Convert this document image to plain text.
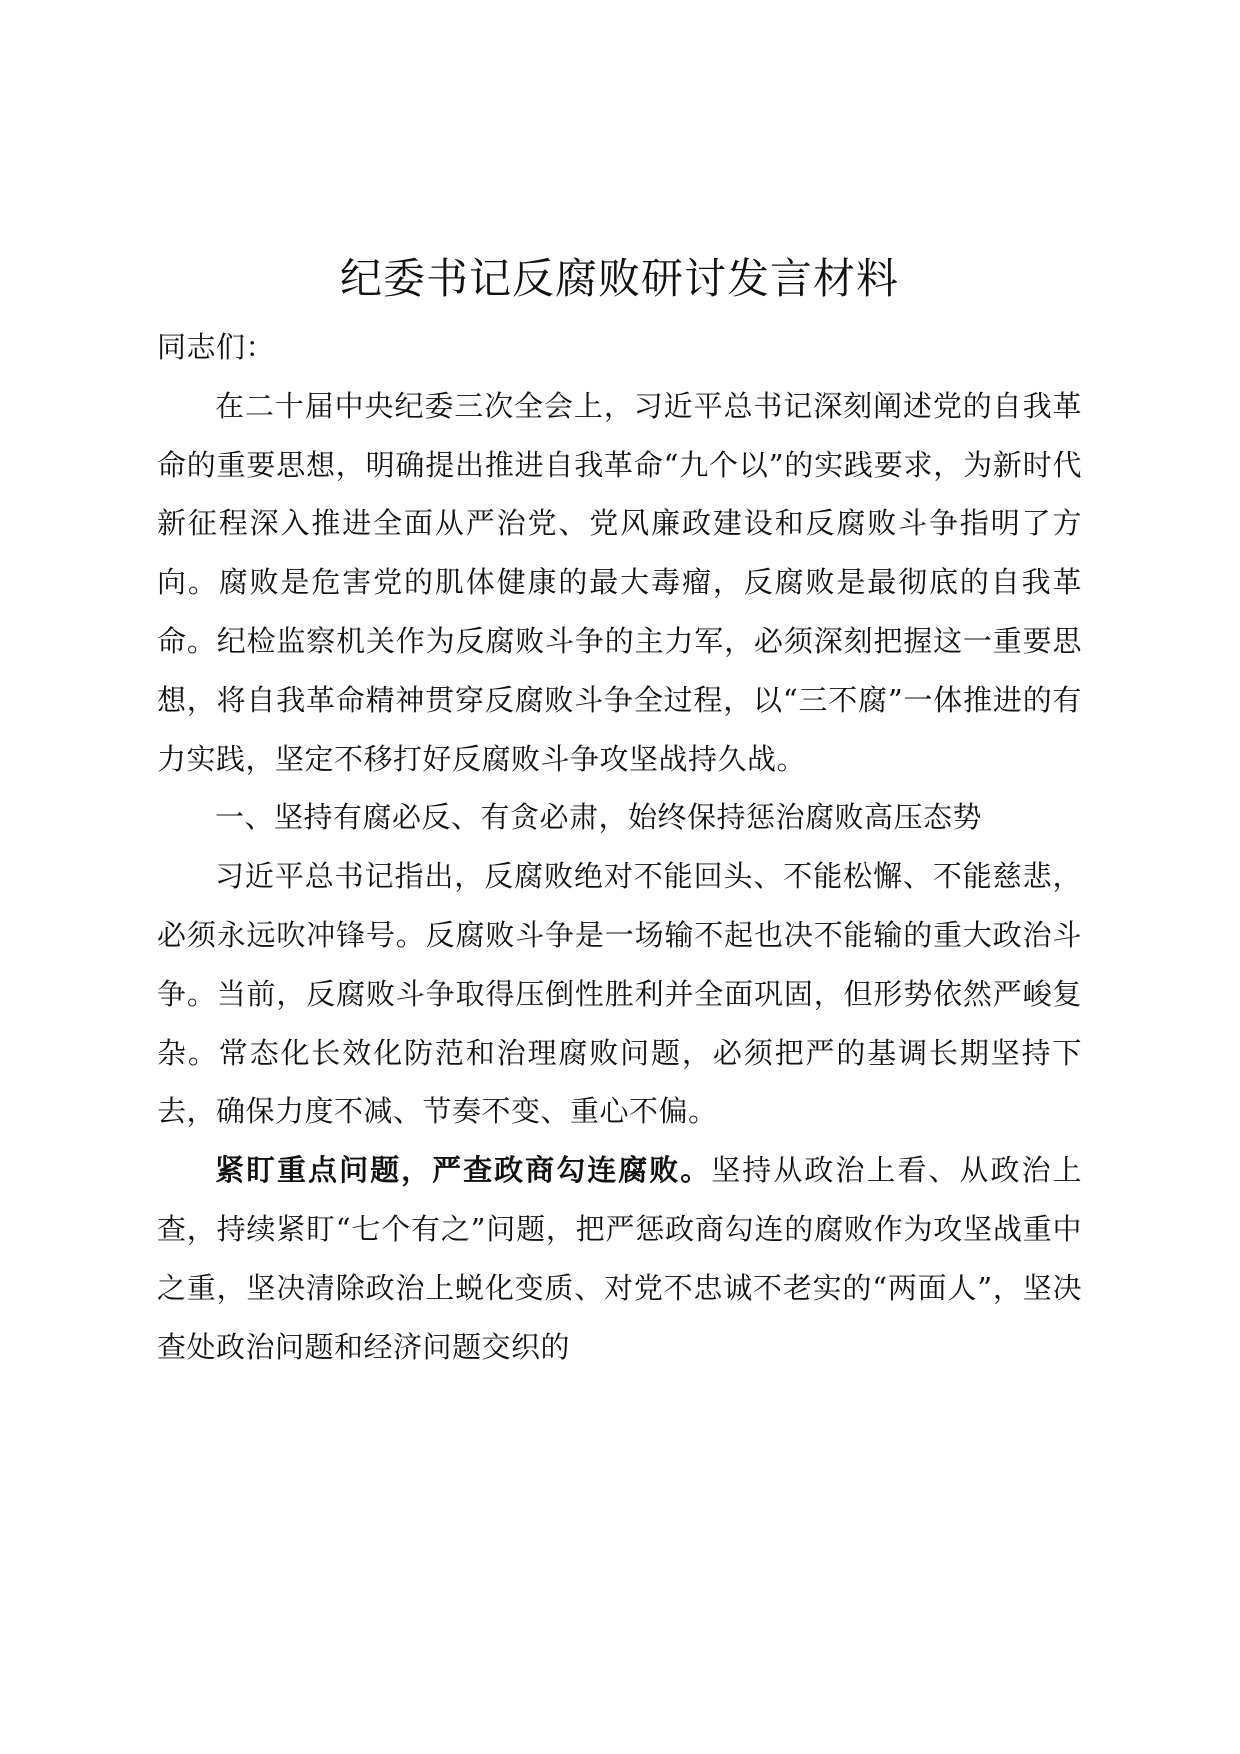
纪委书记反腐败研讨发言材料

同志们：

在二十届中央纪委三次全会上，习近平总书记深刻阐述党的自我革命的重要思想，明确提出推进自我革命“九个以”的实践要求，为新时代新征程深入推进全面从严治党、党风廉政建设和反腐败斗争指明了方向。腐败是危害党的肌体健康的最大毒瘤，反腐败是最彻底的自我革命。纪检监察机关作为反腐败斗争的主力军，必须深刻把握这一重要思想，将自我革命精神贯穿反腐败斗争全过程，以“三不腐”一体推进的有力实践，坚定不移打好反腐败斗争攻坚战持久战。

一、坚持有腐必反、有贪必肃，始终保持惩治腐败高压态势

习近平总书记指出，反腐败绝对不能回头、不能松懈、不能慈悲，必须永远吹冲锋号。反腐败斗争是一场输不起也决不能输的重大政治斗争。当前，反腐败斗争取得压倒性胜利并全面巩固，但形势依然严峻复杂。常态化长效化防范和治理腐败问题，必须把严的基调长期坚持下去，确保力度不减、节奏不变、重心不偏。

紧盯重点问题，严查政商勾连腐败。坚持从政治上看、从政治上查，持续紧盯“七个有之”问题，把严惩政商勾连的腐败作为攻坚战重中之重，坚决清除政治上蜕化变质、对党不忠诚不老实的“两面人”，坚决查处政治问题和经济问题交织的
